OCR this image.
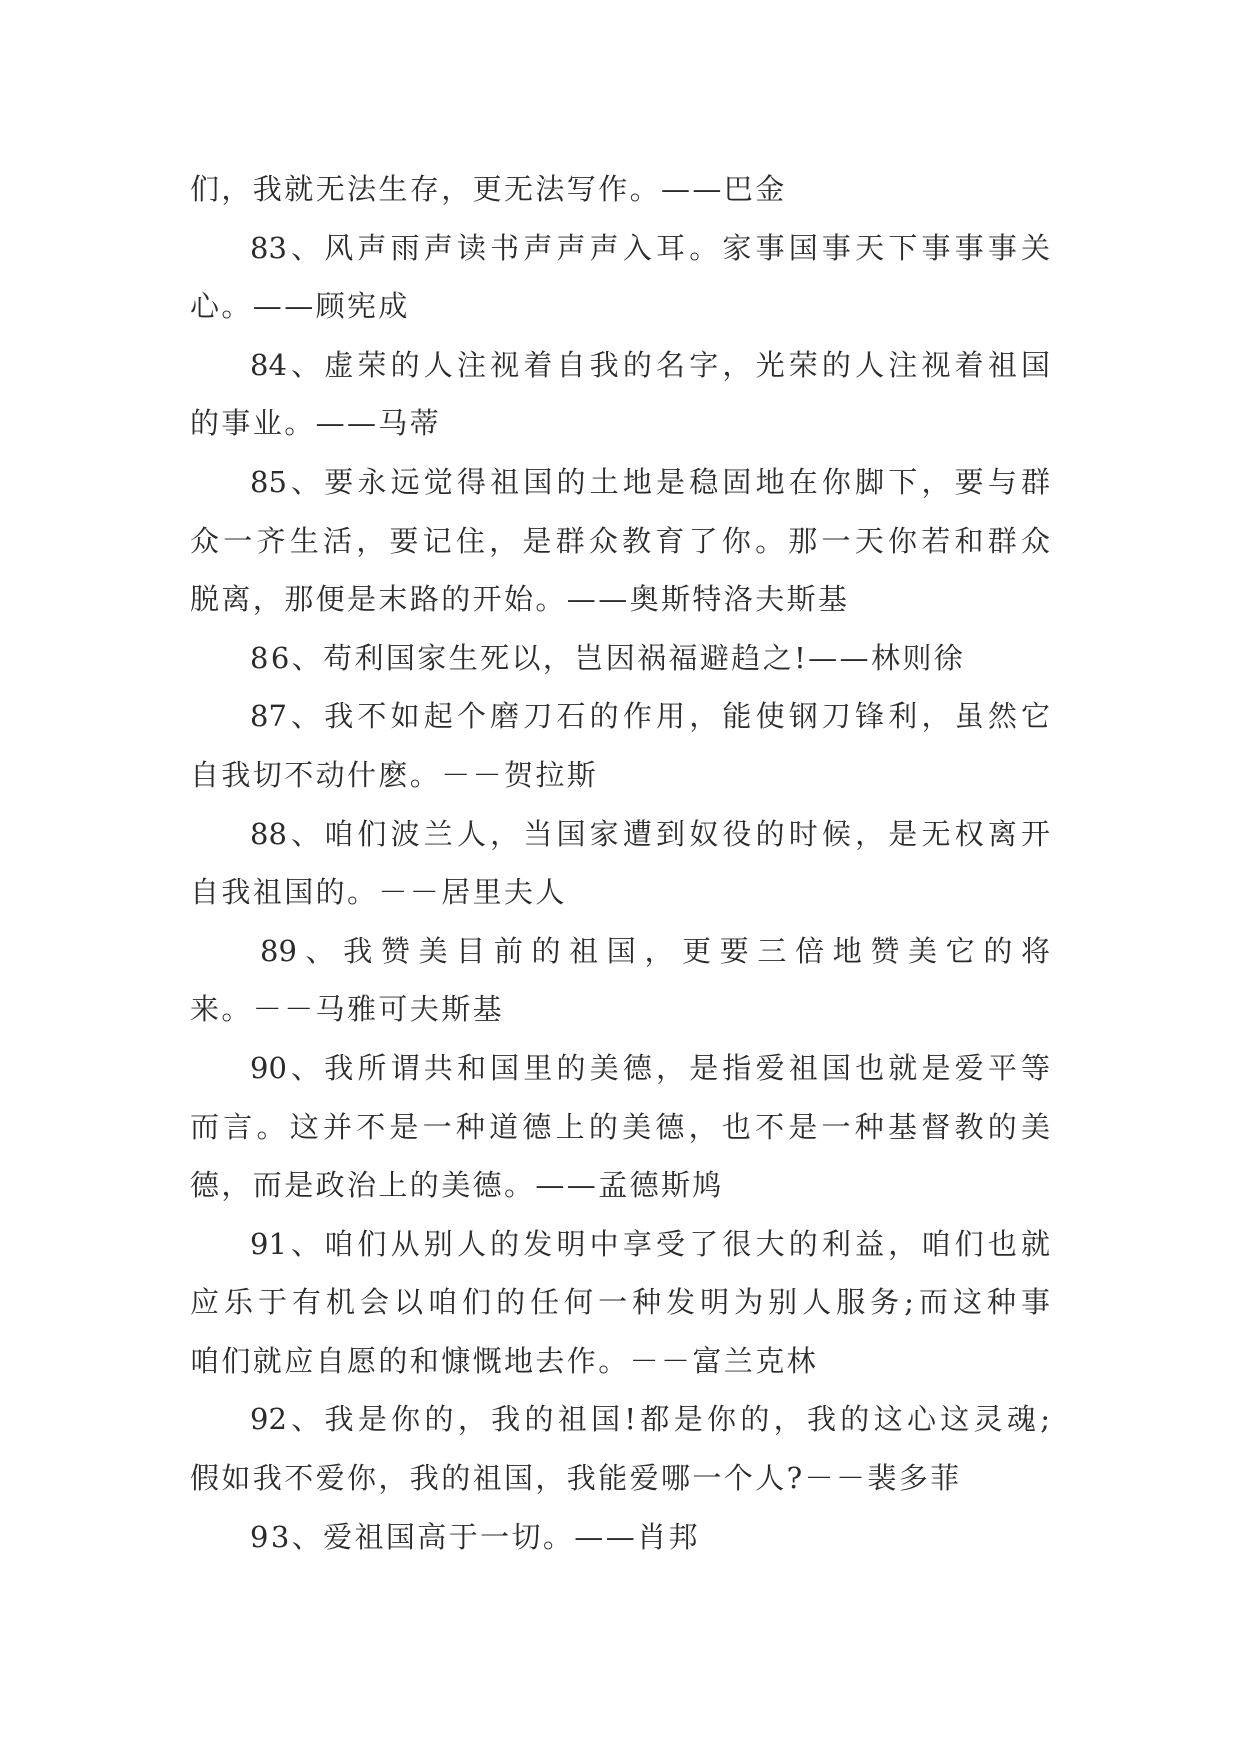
们，我就无法生存，更无法写作。——巴金
83、风声雨声读书声声声入耳。家事国事天下事事事关
心。——顾宪成
84、虚荣的人注视着自我的名字，光荣的人注视着祖国
的事业。——马蒂
85、要永远觉得祖国的土地是稳固地在你脚下，要与群
众一齐生活，要记住，是群众教育了你。那一天你若和群众
脱离，那便是末路的开始。——奥斯特洛夫斯基
86、苟利国家生死以，岂因祸福避趋之!——林则徐
87、我不如起个磨刀石的作用，能使钢刀锋利，虽然它
自我切不动什麽。－－贺拉斯
88、咱们波兰人，当国家遭到奴役的时候，是无权离开
自我祖国的。－－居里夫人
89、我赞美目前的祖国，更要三倍地赞美它的将
来。－－马雅可夫斯基
90、我所谓共和国里的美德，是指爱祖国也就是爱平等
而言。这并不是一种道德上的美德，也不是一种基督教的美
德，而是政治上的美德。——孟德斯鸠
91、咱们从别人的发明中享受了很大的利益，咱们也就
应乐于有机会以咱们的任何一种发明为别人服务;而这种事
咱们就应自愿的和慷慨地去作。－－富兰克林
92、我是你的，我的祖国!都是你的，我的这心这灵魂;
假如我不爱你，我的祖国，我能爱哪一个人?－－裴多菲
93、爱祖国高于一切。——肖邦
